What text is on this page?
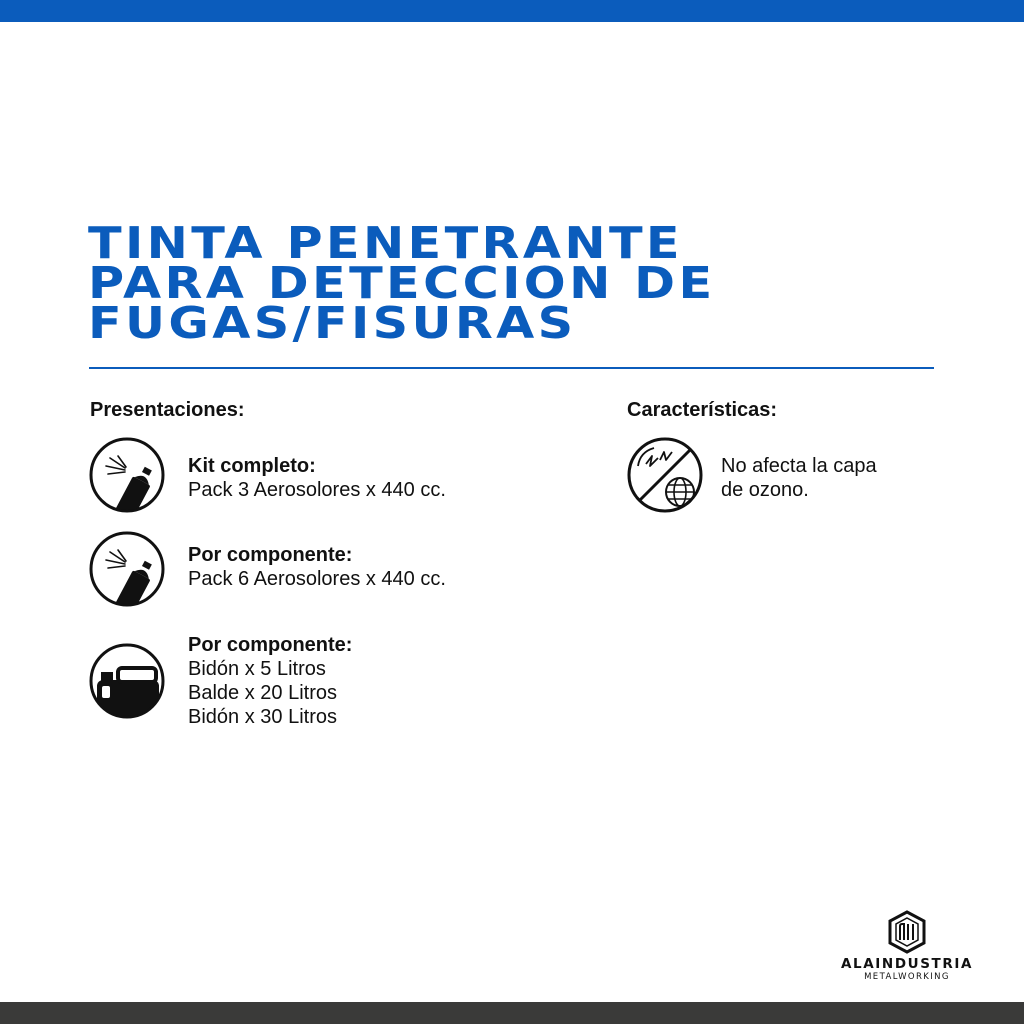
TINTA PENETRANTE
PARA DETECCION DE
FUGAS/FISURAS
Presentaciones:	Características:
Kit completo:
Pack 3 Aerosolores x 440 cc.
Por componente:
Pack 6 Aerosolores x 440 cc.
Por componente:
Bidón x 5 Litros
Balde x 20 Litros
Bidón x 30 Litros
No afecta la capa
de ozono.
ALAINDUSTRIA
METALWORKING
